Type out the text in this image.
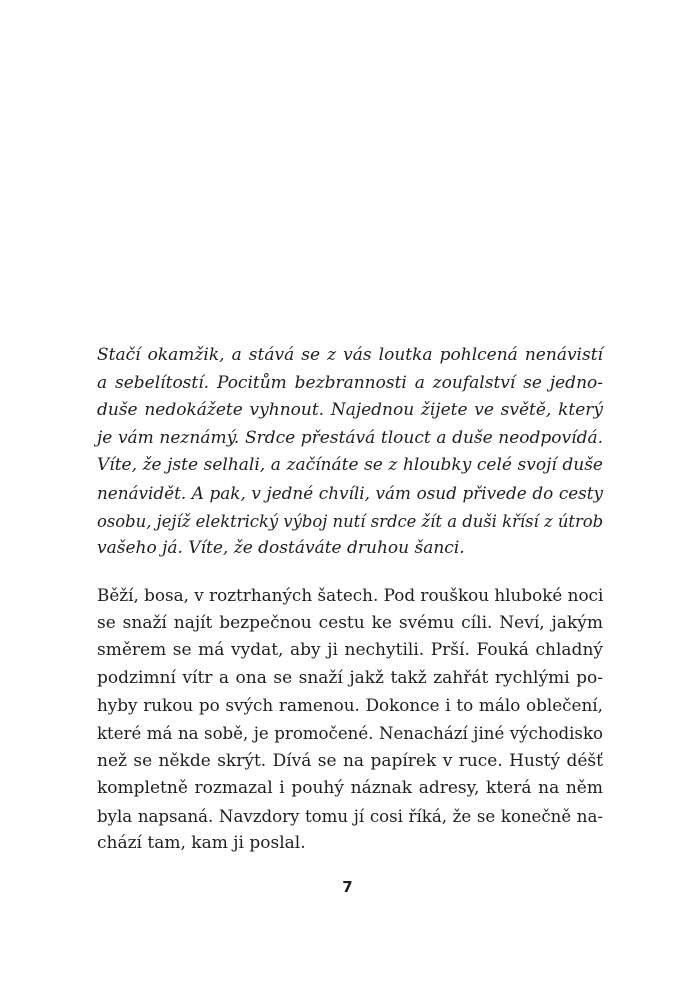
Stačí okamžik, a stává se z vás loutka pohlcená nenávistí
a sebelítostí. Pocitům bezbrannosti a zoufalství se jedno-
duše nedokážete vyhnout. Najednou žijete ve světě, který
je vám neznámý. Srdce přestává tlouct a duše neodpovídá.
Víte, že jste selhali, a začínáte se z hloubky celé svojí duše
nenávidět. A pak, v jedné chvíli, vám osud přivede do cesty
osobu, jejíž elektrický výboj nutí srdce žít a duši křísí z útrob
vašeho já. Víte, že dostáváte druhou šanci.
Běží, bosa, v roztrhaných šatech. Pod rouškou hluboké noci
se snaží najít bezpečnou cestu ke svému cíli. Neví, jakým
směrem se má vydat, aby ji nechytili. Prší. Fouká chladný
podzimní vítr a ona se snaží jakž takž zahřát rychlými po-
hyby rukou po svých ramenou. Dokonce i to málo oblečení,
které má na sobě, je promočené. Nenachází jiné východisko
než se někde skrýt. Dívá se na papírek v ruce. Hustý déšť
kompletně rozmazal i pouhý náznak adresy, která na něm
byla napsaná. Navzdory tomu jí cosi říká, že se konečně na-
chází tam, kam ji poslal.
7
